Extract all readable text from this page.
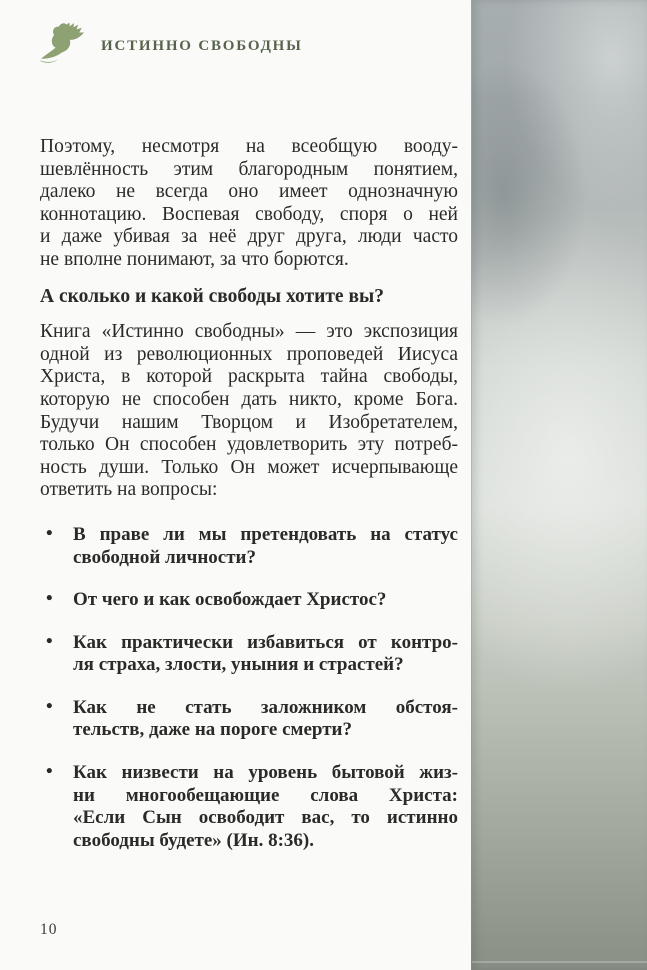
ИСТИННО СВОБОДНЫ
Поэтому, несмотря на всеобщую вооду-
шевлённость этим благородным понятием,
далеко не всегда оно имеет однозначную
коннотацию. Воспевая свободу, споря о ней
и даже убивая за неё друг друга, люди часто
не вполне понимают, за что борются.
А сколько и какой свободы хотите вы?
Книга «Истинно свободны» — это экспозиция
одной из революционных проповедей Иисуса
Христа, в которой раскрыта тайна свободы,
которую не способен дать никто, кроме Бога.
Будучи нашим Творцом и Изобретателем,
только Он способен удовлетворить эту потреб-
ность души. Только Он может исчерпывающе
ответить на вопросы:
• В праве ли мы претендовать на статус
свободной личности?
• От чего и как освобождает Христос?
• Как практически избавиться от контро-
ля страха, злости, уныния и страстей?
• Как не стать заложником обстоя-
тельств, даже на пороге смерти?
• Как низвести на уровень бытовой жиз-
ни многообещающие слова Христа:
«Если Сын освободит вас, то истинно
свободны будете» (Ин. 8:36).
10
